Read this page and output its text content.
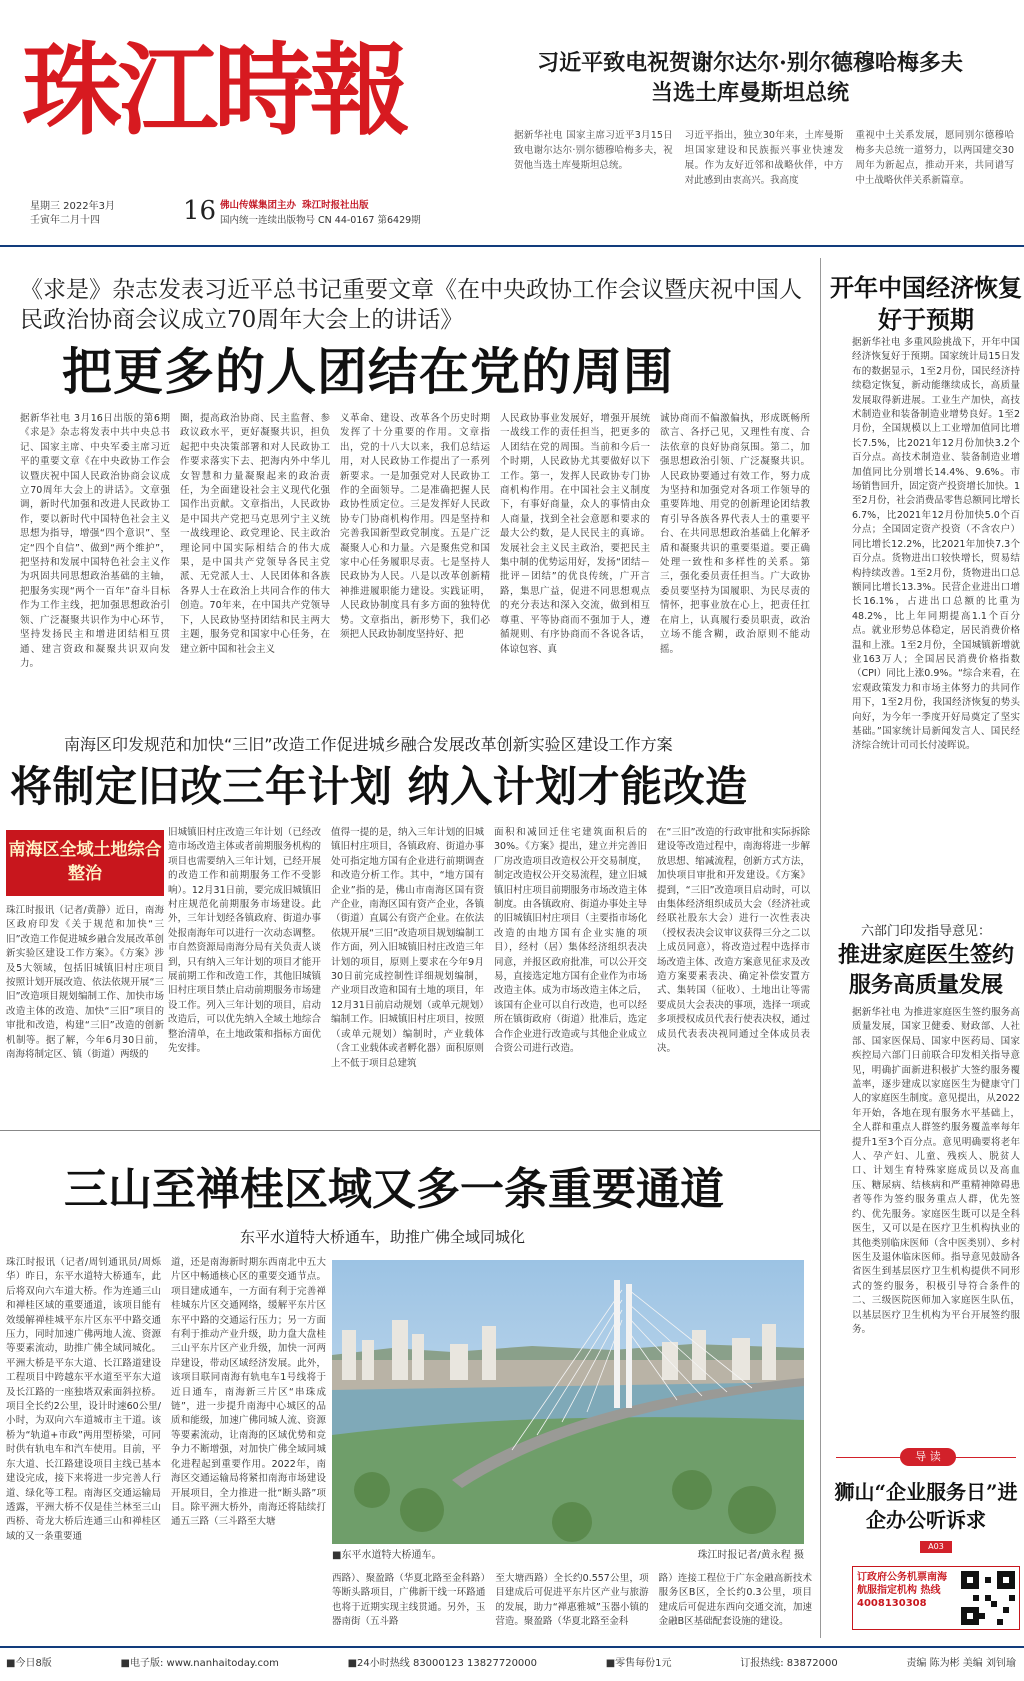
珠江時報
星期三 2022年3月
壬寅年二月十四	16 佛山传媒集团主办 珠江时报社出版
国内统一连续出版物号 CN 44-0167 第6429期
习近平致电祝贺谢尔达尔·别尔德穆哈梅多夫
当选土库曼斯坦总统

据新华社电 国家主席习近平3月15日致电谢尔达尔·别尔德穆哈梅多夫，祝贺他当选土库曼斯坦总统。

习近平指出，独立30年来，土库曼斯坦国家建设和民族振兴事业快速发展。作为友好近邻和战略伙伴，中方对此感到由衷高兴。我高度

重视中土关系发展，愿同别尔德穆哈梅多夫总统一道努力，以两国建交30周年为新起点，推动开来，共同谱写中土战略伙伴关系新篇章。

《求是》杂志发表习近平总书记重要文章《在中央政协工作会议暨庆祝中国人民政治协商会议成立70周年大会上的讲话》
把更多的人团结在党的周围

据新华社电 3月16日出版的第6期《求是》杂志将发表中共中央总书记、国家主席、中央军委主席习近平的重要文章《在中央政协工作会议暨庆祝中国人民政治协商会议成立70周年大会上的讲话》。文章强调，新时代加强和改进人民政协工作，要以新时代中国特色社会主义思想为指导，增强“四个意识”、坚定“四个自信”、做到“两个维护”，把坚持和发展中国特色社会主义作为巩固共同思想政治基础的主轴，把服务实现“两个一百年”奋斗目标作为工作主线，把加强思想政治引领、广泛凝聚共识作为中心环节，坚持发扬民主和增进团结相互贯通、建言资政和凝聚共识双向发力。

圈，提高政治协商、民主监督、参政议政水平，更好凝聚共识，担负起把中央决策部署和对人民政协工作要求落实下去、把海内外中华儿女智慧和力量凝聚起来的政治责任，为全面建设社会主义现代化强国作出贡献。文章指出，人民政协是中国共产党把马克思列宁主义统一战线理论、政党理论、民主政治理论同中国实际相结合的伟大成果，是中国共产党领导各民主党派、无党派人士、人民团体和各族各界人士在政治上共同合作的伟大创造。70年来，在中国共产党领导下，人民政协坚持团结和民主两大主题，服务党和国家中心任务，在建立新中国和社会主义

义革命、建设、改革各个历史时期发挥了十分重要的作用。文章指出，党的十八大以来，我们总结运用，对人民政协工作提出了一系列新要求。一是加强党对人民政协工作的全面领导。二是准确把握人民政协性质定位。三是发挥好人民政协专门协商机构作用。四是坚持和完善我国新型政党制度。五是广泛凝聚人心和力量。六是聚焦党和国家中心任务履职尽责。七是坚持人民政协为人民。八是以改革创新精神推进履职能力建设。实践证明，人民政协制度具有多方面的独特优势。文章指出，新形势下，我们必须把人民政协制度坚持好、把

人民政协事业发展好，增强开展统一战线工作的责任担当，把更多的人团结在党的周围。当前和今后一个时期，人民政协尤其要做好以下工作。第一，发挥人民政协专门协商机构作用。在中国社会主义制度下，有事好商量，众人的事情由众人商量，找到全社会意愿和要求的最大公约数，是人民民主的真谛。发展社会主义民主政治，要把民主集中制的优势运用好，发扬“团结－批评－团结”的优良传统，广开言路，集思广益，促进不同思想观点的充分表达和深入交流，做到相互尊重、平等协商而不强加于人，遵循规则、有序协商而不各说各话，体谅包容、真

诚协商而不偏激偏执，形成既畅所欲言、各抒己见，又理性有度、合法依章的良好协商氛围。第二，加强思想政治引领、广泛凝聚共识。人民政协要通过有效工作，努力成为坚持和加强党对各项工作领导的重要阵地、用党的创新理论团结教育引导各族各界代表人士的重要平台、在共同思想政治基础上化解矛盾和凝聚共识的重要渠道。要正确处理一致性和多样性的关系。第三，强化委员责任担当。广大政协委员要坚持为国履职、为民尽责的情怀，把事业放在心上，把责任扛在肩上，认真履行委员职责，政治立场不能含糊，政治原则不能动摇。

南海区印发规范和加快“三旧”改造工作促进城乡融合发展改革创新实验区建设工作方案
将制定旧改三年计划 纳入计划才能改造
南海区全域土地综合整治

珠江时报讯（记者/黄静）近日，南海区政府印发《关于规范和加快“三旧”改造工作促进城乡融合发展改革创新实验区建设工作方案》。《方案》涉及5大领域，包括旧城镇旧村庄项目按照计划开展改造、依法依规开展“三旧”改造项目规划编制工作、加快市场改造主体的改造、加快“三旧”项目的审批和改造，构建“三旧”改造的创新机制等。据了解，今年6月30日前，南海将制定区、镇（街道）两级的

旧城镇旧村庄改造三年计划（已经改造市场改造主体或者前期服务机构的项目也需要纳入三年计划，已经开展的改造工作和前期服务工作不受影响）。12月31日前，要完成旧城镇旧村庄规范化前期服务市场建设。此外，三年计划经各镇政府、街道办事处报南海年可以进行一次动态调整。市自然资源局南海分局有关负责人谈到，只有纳入三年计划的项目才能开展前期工作和改造工作，其他旧城镇旧村庄项目禁止启动前期服务市场建设工作。列入三年计划的项目，启动改造后，可以优先纳入全域土地综合整治清单，在土地政策和指标方面优先安排。

值得一提的是，纳入三年计划的旧城镇旧村庄项目，各镇政府、街道办事处可指定地方国有企业进行前期调查和改造分析工作。其中，“地方国有企业”指的是，佛山市南海区国有资产企业，南海区国有资产企业，各镇（街道）直属公有资产企业。在依法依规开展“三旧”改造项目规划编制工作方面，列入旧城镇旧村庄改造三年计划的项目，原则上要求在今年9月30日前完成控制性详细规划编制，产业项目改造和国有土地的项目，年12月31日前启动规划（或单元规划）编制工作。旧城镇旧村庄项目，按照（或单元规划）编制时，产业载体（含工业载体或者孵化器）面积原则上不低于项目总建筑

面积和减回迁住宅建筑面积后的30%。《方案》提出，建立并完善旧厂房改造项目改造权公开交易制度，制定改造权公开交易流程，建立旧城镇旧村庄项目前期服务市场改造主体制度。由各镇政府、街道办事处主导的旧城镇旧村庄项目（主要指市场化改造的由地方国有企业实施的项目），经村（居）集体经济组织表决同意，并报区政府批准，可以公开交易，直接选定地方国有企业作为市场改造主体。成为市场改造主体之后，该国有企业可以自行改造，也可以经所在镇街政府（街道）批准后，选定合作企业进行改造或与其他企业成立合资公司进行改造。

在“三旧”改造的行政审批和实际拆除建设等改造过程中，南海将进一步解放思想、缩减流程，创新方式方法，加快项目审批和开发建设。《方案》提到，“三旧”改造项目启动时，可以由集体经济组织成员大会（经济社或经联社股东大会）进行一次性表决（授权表决会议审议获得三分之二以上成员同意），将改造过程中选择市场改造主体、改造方案意见征求及改造方案要素表决、确定补偿安置方式、集转国（征收）、土地出让等需要成员大会表决的事项，选择一项或多项授权成员代表行使表决权，通过成员代表表决视同通过全体成员表决。

三山至禅桂区域又多一条重要通道
东平水道特大桥通车，助推广佛全域同城化

珠江时报讯（记者/周钊通讯员/周烁华）昨日，东平水道特大桥通车，此后将双向六车道大桥。作为连通三山和禅桂区域的重要通道，该项目能有效缓解禅桂城平东片区东平中路交通压力，同时加速广佛两地人流、资源等要素流动，助推广佛全域同城化。平洲大桥是平东大道、长江路道建设工程项目中跨越东平水道至平东大道及长江路的一座独塔双索面斜拉桥。项目全长约2公里，设计时速60公里/小时，为双向六车道城市主干道。该桥为“轨道+市政”两用型桥梁，可同时供有轨电车和汽车使用。目前，平东大道、长江路建设项目主线已基本建设完成，接下来将进一步完善人行道、绿化等工程。南海区交通运输局透露，平洲大桥不仅是佳兰林至三山西桥、奇龙大桥后连通三山和禅桂区域的又一条重要通

道，还是南海新时期东西南北中五大片区中畅通核心区的重要交通节点。项目建成通车，一方面有利于完善禅桂城东片区交通网络，缓解平东片区东平中路的交通运行压力；另一方面有利于推动产业升级，助力盘大盘桂三山平东片区产业升级，加快一河两岸建设，带动区域经济发展。此外，该项目联同南海有轨电车1号线将于近日通车，南海新三片区“串珠成链”，进一步提升南海中心城区的品质和能级，加速广佛同城人流、资源等要素流动，让南海的区域优势和竞争力不断增强，对加快广佛全域同城化进程起到重要作用。2022年，南海区交通运输局将紧扣南海市场建设开展项目，全力推进一批“断头路”项目。除平洲大桥外，南海还将陆续打通五三路（三斗路至大塘

■东平水道特大桥通车。	珠江时报记者/黄永程 摄

西路）、聚盈路（华夏北路至金科路）等断头路项目，广佛新干线一环路通也将于近期实现主线贯通。另外，玉器南街（五斗路

至大塘西路）全长约0.557公里，项目建成后可促进平东片区产业与旅游的发展，助力“禅惠雅城”玉器小镇的营造。聚盈路（华夏北路至金科

路）连接工程位于广东金融高新技术服务区B区，全长约0.3公里，项目建成后可促进东西向交通交流，加速金融B区基础配套设施的建设。

开年中国经济恢复好于预期

据新华社电 多重风险挑战下，开年中国经济恢复好于预期。国家统计局15日发布的数据显示，1至2月份，国民经济持续稳定恢复，新动能继续成长，高质量发展取得新进展。工业生产加快，高技术制造业和装备制造业增势良好。1至2月份，全国规模以上工业增加值同比增长7.5%，比2021年12月份加快3.2个百分点。高技术制造业、装备制造业增加值同比分别增长14.4%、9.6%。市场销售回升，固定资产投资增长加快。1至2月份，社会消费品零售总额同比增长6.7%，比2021年12月份加快5.0个百分点；全国固定资产投资（不含农户）同比增长12.2%，比2021年加快7.3个百分点。货物进出口较快增长，贸易结构持续改善。1至2月份，货物进出口总额同比增长13.3%。民营企业进出口增长16.1%，占进出口总额的比重为48.2%，比上年同期提高1.1个百分点。就业形势总体稳定，居民消费价格温和上涨。1至2月份，全国城镇新增就业163万人；全国居民消费价格指数（CPI）同比上涨0.9%。“综合来看，在宏观政策发力和市场主体努力的共同作用下，1至2月份，我国经济恢复的势头向好，为今年一季度开好局奠定了坚实基础。”国家统计局新闻发言人、国民经济综合统计司司长付凌晖说。

六部门印发指导意见：
推进家庭医生签约服务高质量发展

据新华社电 为推进家庭医生签约服务高质量发展，国家卫健委、财政部、人社部、国家医保局、国家中医药局、国家疾控局六部门日前联合印发相关指导意见，明确扩面新进积极扩大签约服务覆盖率，逐步建成以家庭医生为健康守门人的家庭医生制度。意见提出，从2022年开始，各地在现有服务水平基础上，全人群和重点人群签约服务覆盖率每年提升1至3个百分点。意见明确要将老年人、孕产妇、儿童、残疾人、脱贫人口、计划生育特殊家庭成员以及高血压、糖尿病、结核病和严重精神障碍患者等作为签约服务重点人群，优先签约、优先服务。家庭医生既可以是全科医生，又可以是在医疗卫生机构执业的其他类别临床医师（含中医类别）、乡村医生及退休临床医师。指导意见鼓励各省医生到基层医疗卫生机构提供不同形式的签约服务，积极引导符合条件的二、三级医院医师加入家庭医生队伍，以基层医疗卫生机构为平台开展签约服务。

导 读
狮山“企业服务日”进企办公听诉求
A03
订政府公务机票南海航服指定机构 热线 4008130308
■今日8版	■电子版: www.nanhaitoday.com	■24小时热线 83000123 13827720000	■零售每份1元	订报热线: 83872000	责编 陈为彬 美编 刘钊瑜
